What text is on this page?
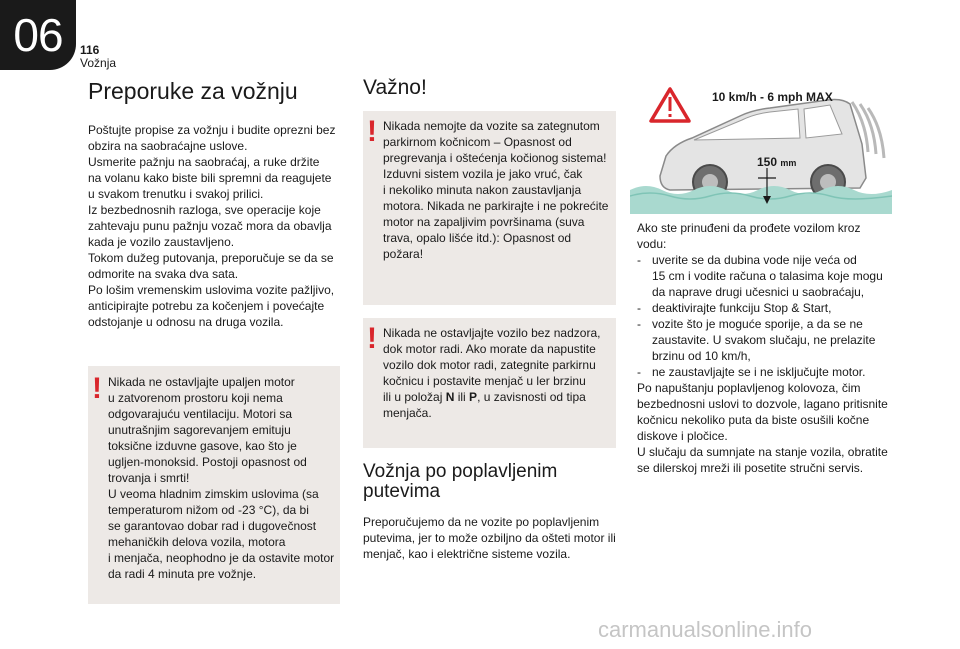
06	116
Vožnja
Preporuke za vožnju
Poštujte propise za vožnju i budite oprezni bez
obzira na saobraćajne uslove.
Usmerite pažnju na saobraćaj, a ruke držite
na volanu kako biste bili spremni da reagujete
u svakom trenutku i svakoj prilici.
Iz bezbednosnih razloga, sve operacije koje
zahtevaju punu pažnju vozač mora da obavlja
kada je vozilo zaustavljeno.
Tokom dužeg putovanja, preporučuje se da se
odmorite na svaka dva sata.
Po lošim vremenskim uslovima vozite pažljivo,
anticipirajte potrebu za kočenjem i povećajte
odstojanje u odnosu na druga vozila.
! Nikada ne ostavljajte upaljen motor
u zatvorenom prostoru koji nema
odgovarajuću ventilaciju. Motori sa
unutrašnjim sagorevanjem emituju
toksične izduvne gasove, kao što je
ugljen-monoksid. Postoji opasnost od
trovanja i smrti!
U veoma hladnim zimskim uslovima (sa
temperaturom nižom od -23 °C), da bi
se garantovao dobar rad i dugovečnost
mehaničkih delova vozila, motora
i menjača, neophodno je da ostavite motor
da radi 4 minuta pre vožnje.
Važno!
! Nikada nemojte da vozite sa zategnutom
parkirnom kočnicom – Opasnost od
pregrevanja i oštećenja kočionog sistema!
Izduvni sistem vozila je jako vruć, čak
i nekoliko minuta nakon zaustavljanja
motora. Nikada ne parkirajte i ne pokrećite
motor na zapaljivim površinama (suva
trava, opalo lišće itd.): Opasnost od
požara!
! Nikada ne ostavljajte vozilo bez nadzora,
dok motor radi. Ako morate da napustite
vozilo dok motor radi, zategnite parkirnu
kočnicu i postavite menjač u ler brzinu
ili u položaj N ili P, u zavisnosti od tipa
menjača.
Vožnja po poplavljenim putevima
Preporučujemo da ne vozite po poplavljenim
putevima, jer to može ozbiljno da ošteti motor ili
menjač, kao i električne sisteme vozila.
10 km/h - 6 mph MAX
150 mm
Ako ste prinuđeni da prođete vozilom kroz
vodu:
- uverite se da dubina vode nije veća od
15 cm i vodite računa o talasima koje mogu
da naprave drugi učesnici u saobraćaju,
- deaktivirajte funkciju Stop & Start,
- vozite što je moguće sporije, a da se ne
zaustavite. U svakom slučaju, ne prelazite
brzinu od 10 km/h,
- ne zaustavljajte se i ne isključujte motor.
Po napuštanju poplavljenog kolovoza, čim
bezbednosni uslovi to dozvole, lagano pritisnite
kočnicu nekoliko puta da biste osušili kočne
diskove i pločice.
U slučaju da sumnjate na stanje vozila, obratite
se dilerskoj mreži ili posetite stručni servis.
carmanualsonline.info
